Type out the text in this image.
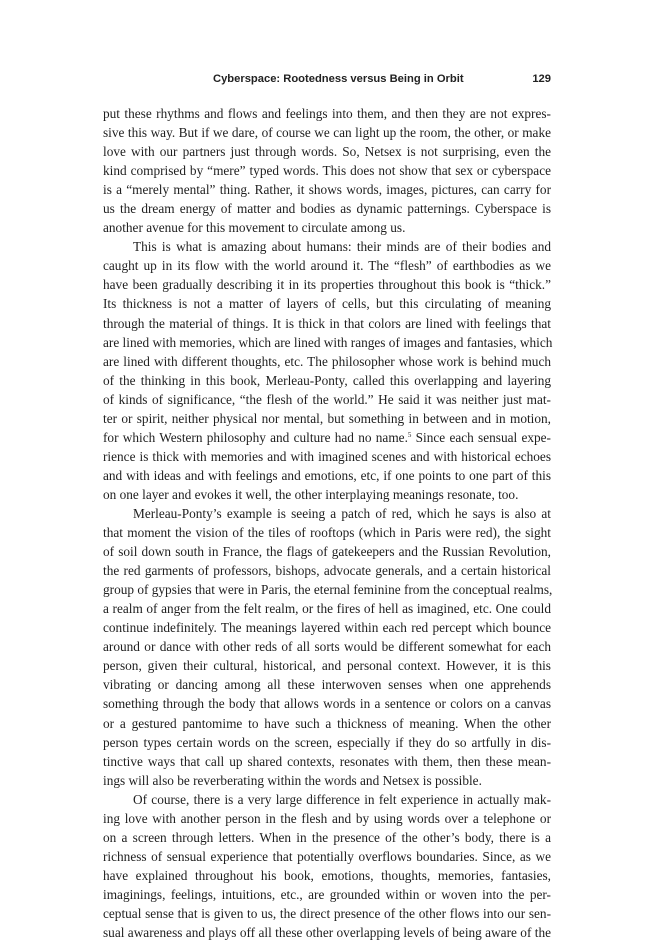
Cyberspace: Rootedness versus Being in Orbit	129
put these rhythms and flows and feelings into them, and then they are not expres-
sive this way. But if we dare, of course we can light up the room, the other, or make
love with our partners just through words. So, Netsex is not surprising, even the
kind comprised by “mere” typed words. This does not show that sex or cyberspace
is a “merely mental” thing. Rather, it shows words, images, pictures, can carry for
us the dream energy of matter and bodies as dynamic patternings. Cyberspace is
another avenue for this movement to circulate among us.
This is what is amazing about humans: their minds are of their bodies and
caught up in its flow with the world around it. The “flesh” of earthbodies as we
have been gradually describing it in its properties throughout this book is “thick.”
Its thickness is not a matter of layers of cells, but this circulating of meaning
through the material of things. It is thick in that colors are lined with feelings that
are lined with memories, which are lined with ranges of images and fantasies, which
are lined with different thoughts, etc. The philosopher whose work is behind much
of the thinking in this book, Merleau-Ponty, called this overlapping and layering
of kinds of significance, “the flesh of the world.” He said it was neither just mat-
ter or spirit, neither physical nor mental, but something in between and in motion,
for which Western philosophy and culture had no name.$^5$ Since each sensual expe-
rience is thick with memories and with imagined scenes and with historical echoes
and with ideas and with feelings and emotions, etc, if one points to one part of this
on one layer and evokes it well, the other interplaying meanings resonate, too.
Merleau-Ponty’s example is seeing a patch of red, which he says is also at
that moment the vision of the tiles of rooftops (which in Paris were red), the sight
of soil down south in France, the flags of gatekeepers and the Russian Revolution,
the red garments of professors, bishops, advocate generals, and a certain historical
group of gypsies that were in Paris, the eternal feminine from the conceptual realms,
a realm of anger from the felt realm, or the fires of hell as imagined, etc. One could
continue indefinitely. The meanings layered within each red percept which bounce
around or dance with other reds of all sorts would be different somewhat for each
person, given their cultural, historical, and personal context. However, it is this
vibrating or dancing among all these interwoven senses when one apprehends
something through the body that allows words in a sentence or colors on a canvas
or a gestured pantomime to have such a thickness of meaning. When the other
person types certain words on the screen, especially if they do so artfully in dis-
tinctive ways that call up shared contexts, resonates with them, then these mean-
ings will also be reverberating within the words and Netsex is possible.
Of course, there is a very large difference in felt experience in actually mak-
ing love with another person in the flesh and by using words over a telephone or
on a screen through letters. When in the presence of the other’s body, there is a
richness of sensual experience that potentially overflows boundaries. Since, as we
have explained throughout his book, emotions, thoughts, memories, fantasies,
imaginings, feelings, intuitions, etc., are grounded within or woven into the per-
ceptual sense that is given to us, the direct presence of the other flows into our sen-
sual awareness and plays off all these other overlapping levels of being aware of the
